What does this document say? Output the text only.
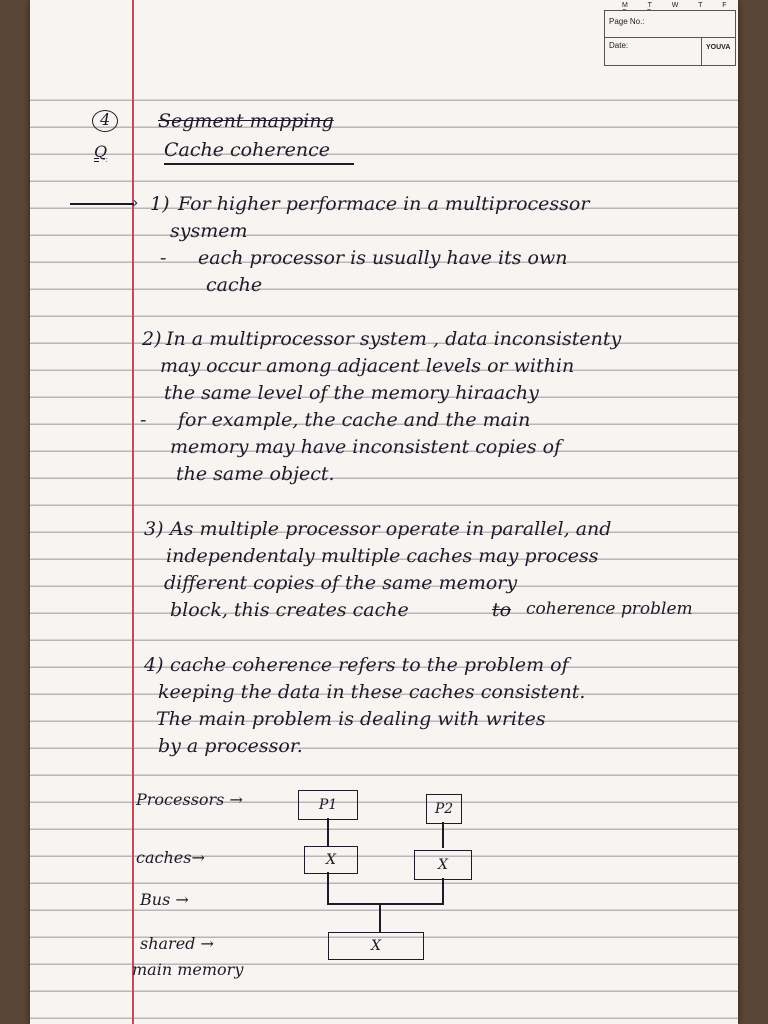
M T W T F
Page No.:
Date:	YOUVA
4
Q
Segment mapping
Cache coherence
› 1) For higher performace in a multiprocessor
sysmem
- each processor is usually have its own
cache
2) In a multiprocessor system , data inconsistenty
may occur among adjacent levels or within
the same level of the memory hiraachy
- for example, the cache and the main
memory may have inconsistent copies of
the same object.
3) As multiple processor operate in parallel, and
independentaly multiple caches may process
different copies of the same memory
block, this creates cache	to coherence problem
4) cache coherence refers to the problem of
keeping the data in these caches consistent.
The main problem is dealing with writes
by a processor.
Processors →
caches→
Bus →
shared →
main memory
P1	P2
X	X
X
